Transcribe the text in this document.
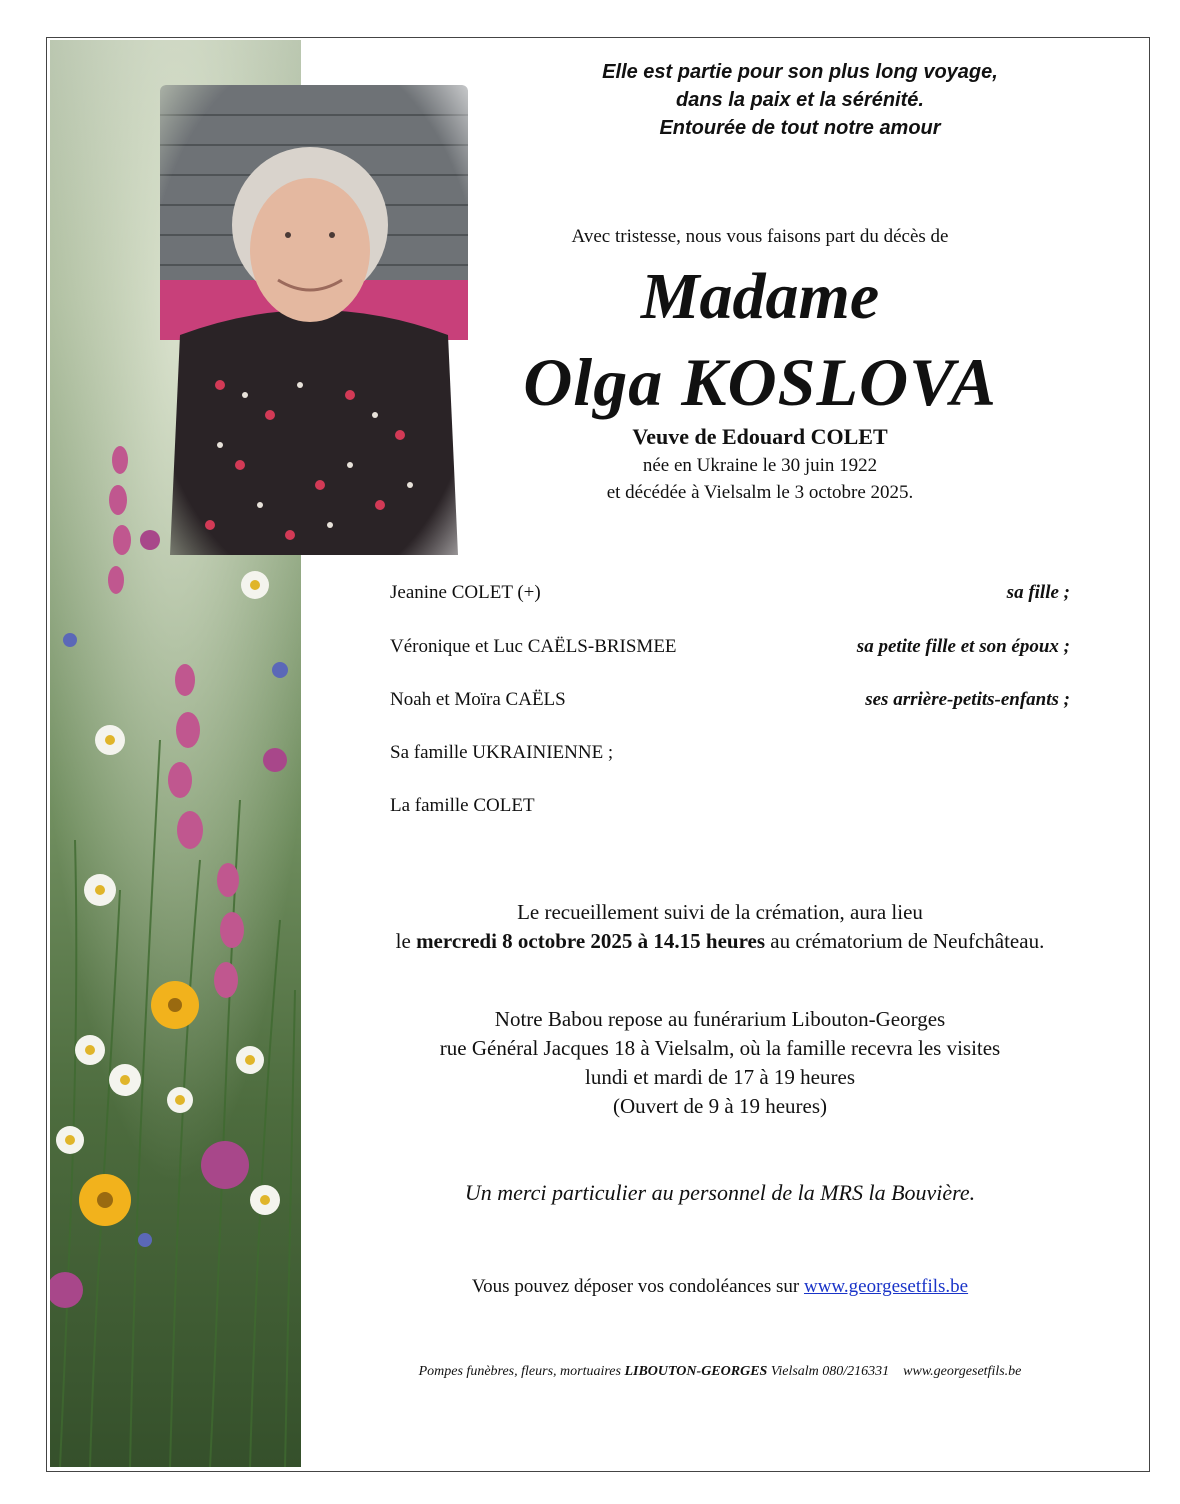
Elle est partie pour son plus long voyage,
dans la paix et la sérénité.
Entourée de tout notre amour
Avec tristesse, nous vous faisons part du décès de
Madame
Olga KOSLOVA
Veuve de Edouard COLET
née en Ukraine le 30 juin 1922
et décédée à Vielsalm le 3 octobre 2025.
Jeanine COLET (+)	sa fille ;
Véronique et Luc CAËLS-BRISMEE	sa petite fille et son époux ;
Noah et Moïra CAËLS	ses arrière-petits-enfants ;
Sa famille UKRAINIENNE ;
La famille COLET
Le recueillement suivi de la crémation, aura lieu
le mercredi 8 octobre 2025 à 14.15 heures au crématorium de Neufchâteau.
Notre Babou repose au funérarium Libouton-Georges
rue Général Jacques 18 à Vielsalm, où la famille recevra les visites
lundi et mardi de 17 à 19 heures
(Ouvert de 9 à 19 heures)
Un merci particulier au personnel de la MRS la Bouvière.
Vous pouvez déposer vos condoléances sur www.georgesetfils.be
Pompes funèbres, fleurs, mortuaires LIBOUTON-GEORGES Vielsalm 080/216331    www.georgesetfils.be
